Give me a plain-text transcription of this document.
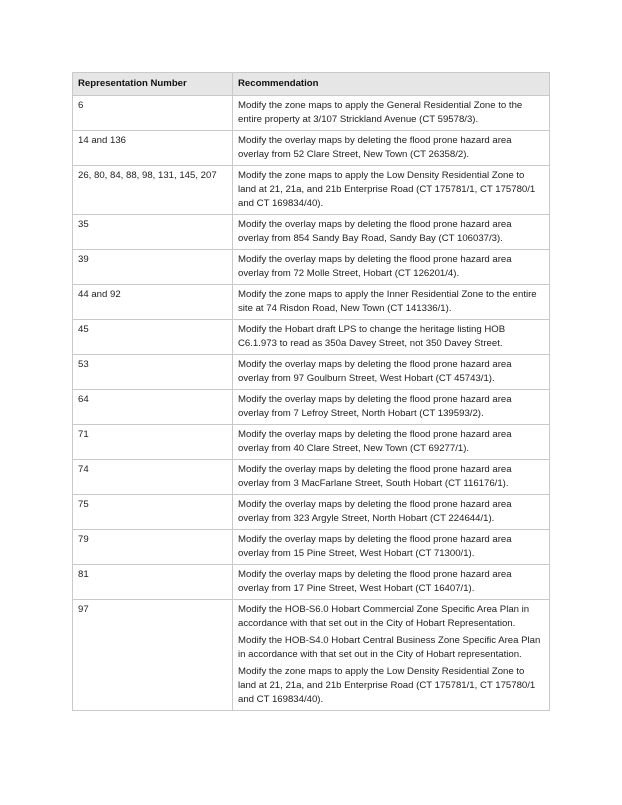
Representation Number	Recommendation
6	Modify the zone maps to apply the General Residential Zone to the entire property at 3/107 Strickland Avenue (CT 59578/3).

14 and 136	Modify the overlay maps by deleting the flood prone hazard area overlay from 52 Clare Street, New Town (CT 26358/2).

26, 80, 84, 88, 98, 131, 145, 207	Modify the zone maps to apply the Low Density Residential Zone to land at 21, 21a, and 21b Enterprise Road (CT 175781/1, CT 175780/1 and CT 169834/40).

35	Modify the overlay maps by deleting the flood prone hazard area overlay from 854 Sandy Bay Road, Sandy Bay (CT 106037/3).

39	Modify the overlay maps by deleting the flood prone hazard area overlay from 72 Molle Street, Hobart (CT 126201/4).

44 and 92	Modify the zone maps to apply the Inner Residential Zone to the entire site at 74 Risdon Road, New Town (CT 141336/1).

45	Modify the Hobart draft LPS to change the heritage listing HOB C6.1.973 to read as 350a Davey Street, not 350 Davey Street.

53	Modify the overlay maps by deleting the flood prone hazard area overlay from 97 Goulburn Street, West Hobart (CT 45743/1).

64	Modify the overlay maps by deleting the flood prone hazard area overlay from 7 Lefroy Street, North Hobart (CT 139593/2).

71	Modify the overlay maps by deleting the flood prone hazard area overlay from 40 Clare Street, New Town (CT 69277/1).

74	Modify the overlay maps by deleting the flood prone hazard area overlay from 3 MacFarlane Street, South Hobart (CT 116176/1).

75	Modify the overlay maps by deleting the flood prone hazard area overlay from 323 Argyle Street, North Hobart (CT 224644/1).

79	Modify the overlay maps by deleting the flood prone hazard area overlay from 15 Pine Street, West Hobart (CT 71300/1).

81	Modify the overlay maps by deleting the flood prone hazard area overlay from 17 Pine Street, West Hobart (CT 16407/1).

97	Modify the HOB-S6.0 Hobart Commercial Zone Specific Area Plan in accordance with that set out in the City of Hobart Representation.
Modify the HOB-S4.0 Hobart Central Business Zone Specific Area Plan in accordance with that set out in the City of Hobart representation.
Modify the zone maps to apply the Low Density Residential Zone to land at 21, 21a, and 21b Enterprise Road (CT 175781/1, CT 175780/1 and CT 169834/40).
